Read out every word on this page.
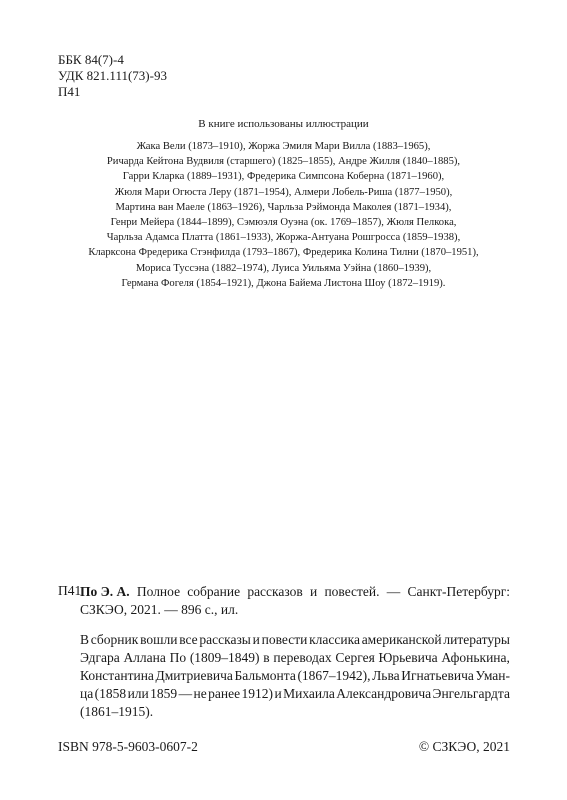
ББК 84(7)-4
УДК 821.111(73)-93
П41
В книге использованы иллюстрации
Жака Вели (1873–1910), Жоржа Эмиля Мари Вилла (1883–1965),
Ричарда Кейтона Вудвиля (старшего) (1825–1855), Андре Жилля (1840–1885),
Гарри Кларка (1889–1931), Фредерика Симпсона Коберна (1871–1960),
Жюля Мари Огюста Леру (1871–1954), Алмери Лобель-Риша (1877–1950),
Мартина ван Маеле (1863–1926), Чарльза Рэймонда Маколея (1871–1934),
Генри Мейера (1844–1899), Сэмюэля Оуэна (ок. 1769–1857), Жюля Пелкока,
Чарльза Адамса Платта (1861–1933), Жоржа-Антуана Рошгросса (1859–1938),
Кларксона Фредерика Стэнфилда (1793–1867), Фредерика Колина Тилни (1870–1951),
Мориса Туссэна (1882–1974), Луиса Уильяма Уэйна (1860–1939),
Германа Фогеля (1854–1921), Джона Байема Листона Шоу (1872–1919).
П41
По Э. А. Полное собрание рассказов и повестей. — Санкт-Петербург:
СЗКЭО, 2021. — 896 с., ил.
В сборник вошли все рассказы и повести классика американской литературы
Эдгара Аллана По (1809–1849) в переводах Сергея Юрьевича Афонькина,
Константина Дмитриевича Бальмонта (1867–1942), Льва Игнатьевича Уман-
ца (1858 или 1859 — не ранее 1912) и Михаила Александровича Энгельгардта
(1861–1915).
ISBN 978-5-9603-0607-2	© СЗКЭО, 2021
